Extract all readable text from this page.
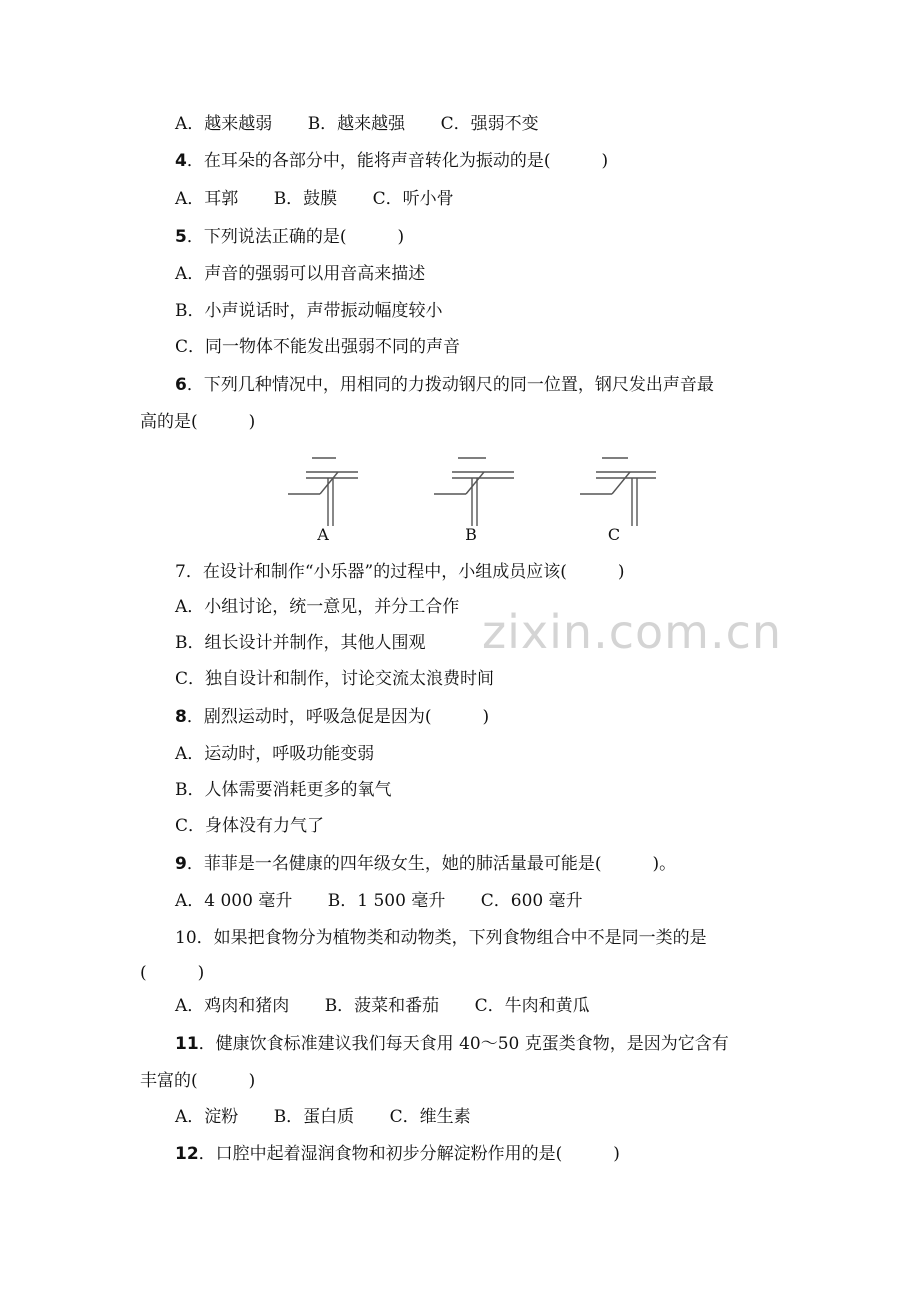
zixin.com.cn
A．越来越弱 B．越来越强 C．强弱不变
4．在耳朵的各部分中，能将声音转化为振动的是(　　　)
A．耳郭 B．鼓膜 C．听小骨
5．下列说法正确的是(　　　)
A．声音的强弱可以用音高来描述
B．小声说话时，声带振动幅度较小
C．同一物体不能发出强弱不同的声音
6．下列几种情况中，用相同的力拨动钢尺的同一位置，钢尺发出声音最
高的是(　　　)
A	B	C
7．在设计和制作“小乐器”的过程中，小组成员应该(　　　)
A．小组讨论，统一意见，并分工合作
B．组长设计并制作，其他人围观
C．独自设计和制作，讨论交流太浪费时间
8．剧烈运动时，呼吸急促是因为(　　　)
A．运动时，呼吸功能变弱
B．人体需要消耗更多的氧气
C．身体没有力气了
9．菲菲是一名健康的四年级女生，她的肺活量最可能是(　　　)。
A．4 000 毫升 B．1 500 毫升 C．600 毫升
10．如果把食物分为植物类和动物类，下列食物组合中不是同一类的是
(　　　)
A．鸡肉和猪肉 B．菠菜和番茄 C．牛肉和黄瓜
11．健康饮食标准建议我们每天食用 40～50 克蛋类食物，是因为它含有
丰富的(　　　)
A．淀粉 B．蛋白质 C．维生素
12．口腔中起着湿润食物和初步分解淀粉作用的是(　　　)
